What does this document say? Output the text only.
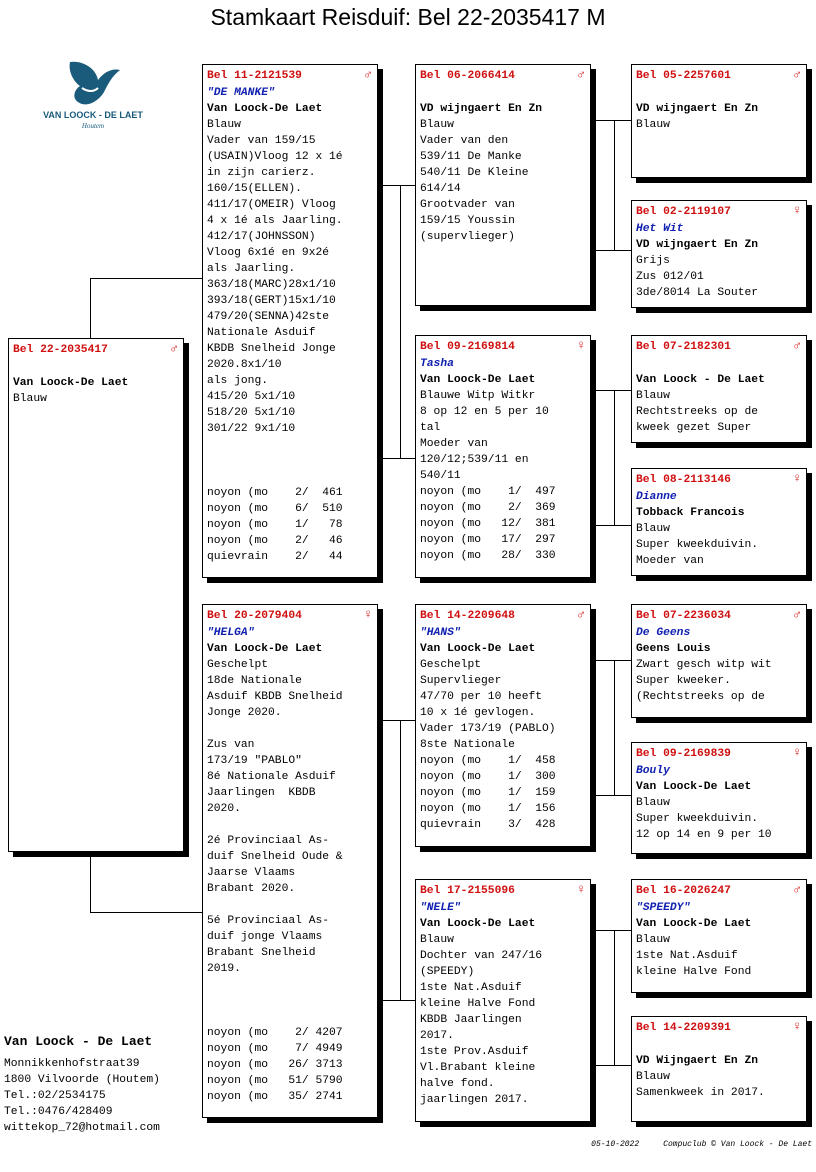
Stamkaart Reisduif: Bel 22-2035417 M
VAN LOOCK - DE LAET
Houtem
Bel 22-2035417	♂
Van Loock-De Laet
Blauw
Bel 11-2121539	♂
"DE MANKE"
Van Loock-De Laet
Blauw
Vader van 159/15
(USAIN)Vloog 12 x 1é
in zijn carierz.
160/15(ELLEN).
411/17(OMEIR) Vloog
4 x 1é als Jaarling.
412/17(JOHNSSON)
Vloog 6x1é en 9x2é
als Jaarling.
363/18(MARC)28x1/10
393/18(GERT)15x1/10
479/20(SENNA)42ste
Nationale Asduif
KBDB Snelheid Jonge
2020.8x1/10
als jong.
415/20 5x1/10
518/20 5x1/10
301/22 9x1/10

noyon (mo    2/  461
noyon (mo    6/  510
noyon (mo    1/   78
noyon (mo    2/   46
quievrain    2/   44
Bel 20-2079404	♀
"HELGA"
Van Loock-De Laet
Geschelpt
18de Nationale
Asduif KBDB Snelheid
Jonge 2020.

Zus van
173/19 "PABLO"
8é Nationale Asduif
Jaarlingen  KBDB
2020.

2é Provinciaal As-
duif Snelheid Oude &
Jaarse Vlaams
Brabant 2020.

5é Provinciaal As-
duif jonge Vlaams
Brabant Snelheid
2019.

noyon (mo    2/ 4207
noyon (mo    7/ 4949
noyon (mo   26/ 3713
noyon (mo   51/ 5790
noyon (mo   35/ 2741
Bel 06-2066414	♂

VD wijngaert En Zn
Blauw
Vader van den
539/11 De Manke
540/11 De Kleine
614/14
Grootvader van
159/15 Youssin
(supervlieger)
Bel 09-2169814	♀
Tasha
Van Loock-De Laet
Blauwe Witp Witkr
8 op 12 en 5 per 10
tal
Moeder van
120/12;539/11 en
540/11
noyon (mo    1/  497
noyon (mo    2/  369
noyon (mo   12/  381
noyon (mo   17/  297
noyon (mo   28/  330
Bel 14-2209648	♂
"HANS"
Van Loock-De Laet
Geschelpt
Supervlieger
47/70 per 10 heeft
10 x 1é gevlogen.
Vader 173/19 (PABLO)
8ste Nationale
noyon (mo    1/  458
noyon (mo    1/  300
noyon (mo    1/  159
noyon (mo    1/  156
quievrain    3/  428
Bel 17-2155096	♀
"NELE"
Van Loock-De Laet
Blauw
Dochter van 247/16
(SPEEDY)
1ste Nat.Asduif
kleine Halve Fond
KBDB Jaarlingen
2017.
1ste Prov.Asduif
Vl.Brabant kleine
halve fond.
jaarlingen 2017.
Bel 05-2257601	♂

VD wijngaert En Zn
Blauw
Bel 02-2119107	♀
Het Wit
VD wijngaert En Zn
Grijs
Zus 012/01
3de/8014 La Souter
Bel 07-2182301	♂

Van Loock - De Laet
Blauw
Rechtstreeks op de
kweek gezet Super
Bel 08-2113146	♀
Dianne
Tobback Francois
Blauw
Super kweekduivin.
Moeder van
Bel 07-2236034	♂
De Geens
Geens Louis
Zwart gesch witp wit
Super kweeker.
(Rechtstreeks op de
Bel 09-2169839	♀
Bouly
Van Loock-De Laet
Blauw
Super kweekduivin.
12 op 14 en 9 per 10
Bel 16-2026247	♂
"SPEEDY"
Van Loock-De Laet
Blauw
1ste Nat.Asduif
kleine Halve Fond
Bel 14-2209391	♀

VD Wijngaert En Zn
Blauw
Samenkweek in 2017.
Van Loock - De Laet
Monnikkenhofstraat39
1800 Vilvoorde (Houtem)
Tel.:02/2534175
Tel.:0476/428409
wittekop_72@hotmail.com
05-10-2022	Compuclub © Van Loock - De Laet
